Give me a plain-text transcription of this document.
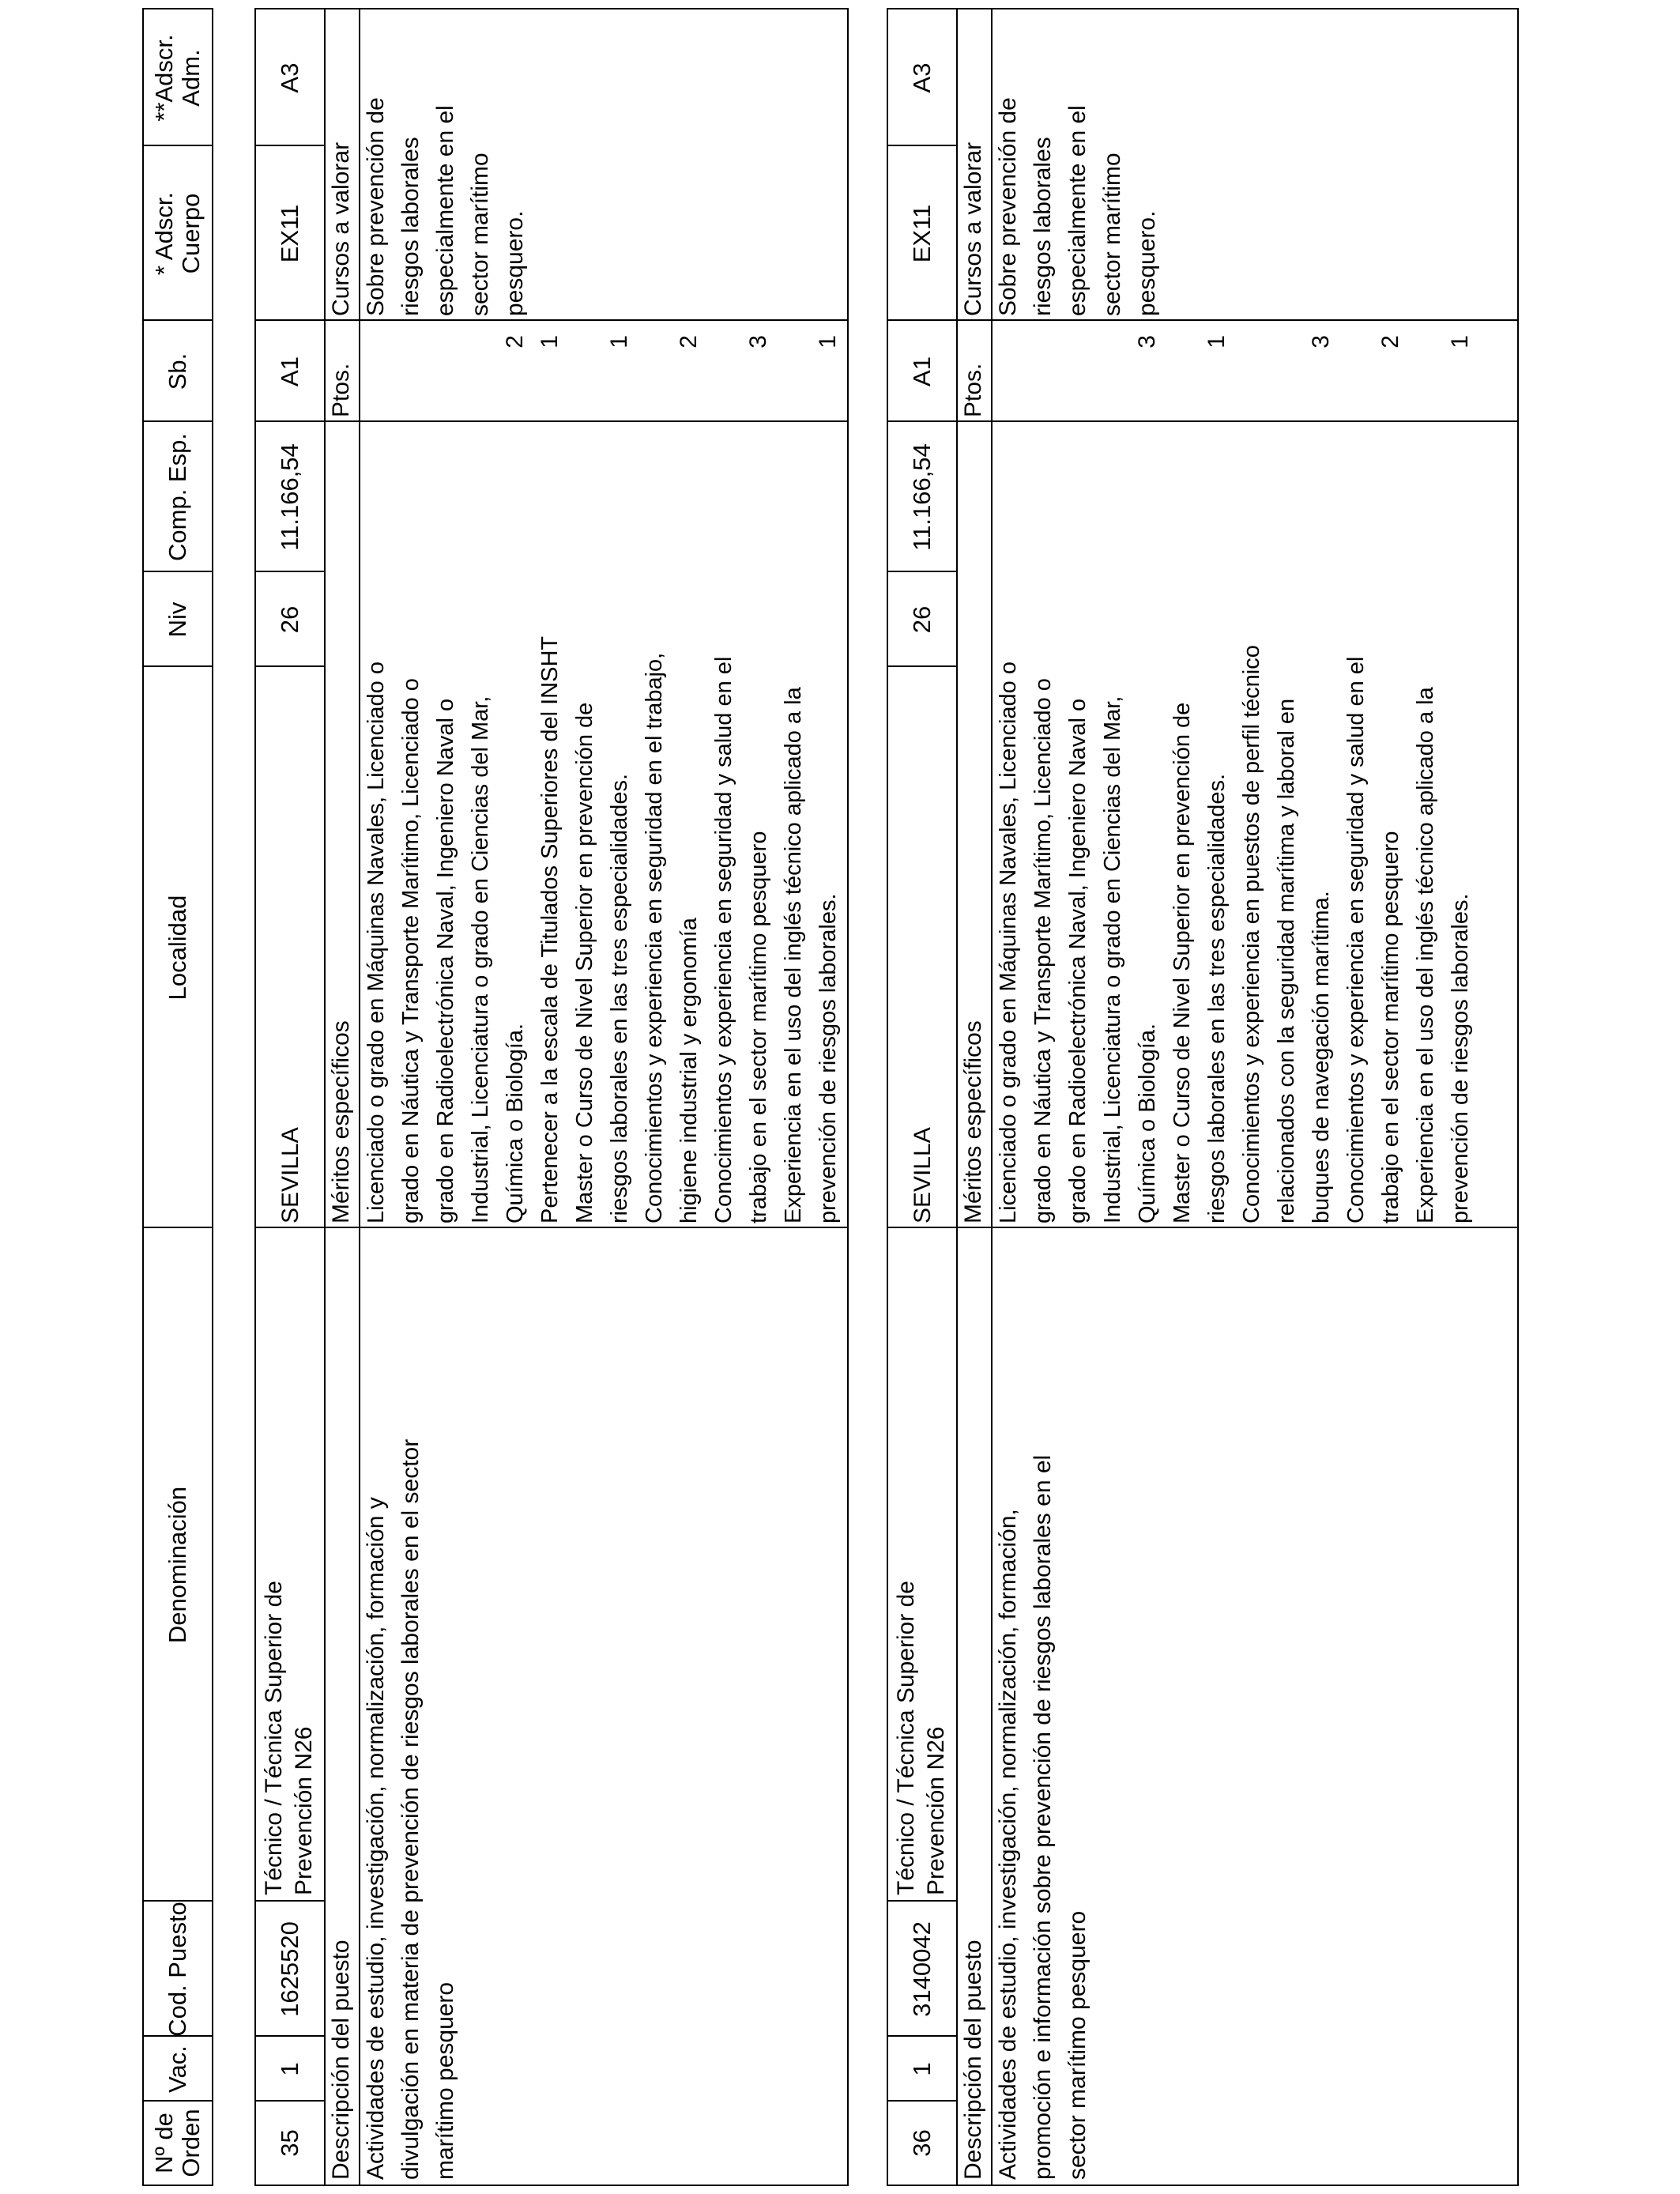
Nº de
Orden
Vac.
Cod. Puesto
Denominación
Localidad
Niv
Comp. Esp.
Sb.
* Adscr.
Cuerpo
**Adscr.
Adm.
35
1
1625520
Técnico / Técnica Superior de
Prevención N26
SEVILLA
26
11.166,54
A1
EX11
A3
Descripción del puesto
Méritos específicos
Ptos.
Cursos a valorar
Actividades de estudio, investigación, normalización, formación y
divulgación en materia de prevención de riesgos laborales en el sector
marítimo pesquero
Licenciado o grado en Máquinas Navales, Licenciado o
grado en Náutica y Transporte Marítimo, Licenciado o
grado en Radioelectrónica Naval, Ingeniero Naval o
Industrial, Licenciatura o grado en Ciencias del Mar,
Química o Biología.
Pertenecer a la escala de Titulados Superiores del INSHT
Master o Curso de Nivel Superior en prevención de
riesgos laborales en las tres especialidades.
Conocimientos y experiencia en seguridad en el trabajo,
higiene industrial y ergonomía
Conocimientos y experiencia en seguridad y salud en el
trabajo en el sector marítimo pesquero
Experiencia en el uso del inglés técnico aplicado a la
prevención de riesgos laborales.

2
1

1

2

3

1
Sobre prevención de
riesgos laborales
especialmente en el
sector marítimo
pesquero.
36
1
3140042
Técnico / Técnica Superior de
Prevención N26
SEVILLA
26
11.166,54
A1
EX11
A3
Descripción del puesto
Méritos específicos
Ptos.
Cursos a valorar
Actividades de estudio, investigación, normalización, formación,
promoción e información sobre prevención de riesgos laborales en el
sector marítimo pesquero
Licenciado o grado en Máquinas Navales, Licenciado o
grado en Náutica y Transporte Marítimo, Licenciado o
grado en Radioelectrónica Naval, Ingeniero Naval o
Industrial, Licenciatura o grado en Ciencias del Mar,
Química o Biología.
Master o Curso de Nivel Superior en prevención de
riesgos laborales en las tres especialidades.
Conocimientos y experiencia en puestos de perfil técnico
relacionados con la seguridad marítima y laboral en
buques de navegación marítima.
Conocimientos y experiencia en seguridad y salud en el
trabajo en el sector marítimo pesquero
Experiencia en el uso del inglés técnico aplicado a la
prevención de riesgos laborales.

3

1

3

2

1
Sobre prevención de
riesgos laborales
especialmente en el
sector marítimo
pesquero.
